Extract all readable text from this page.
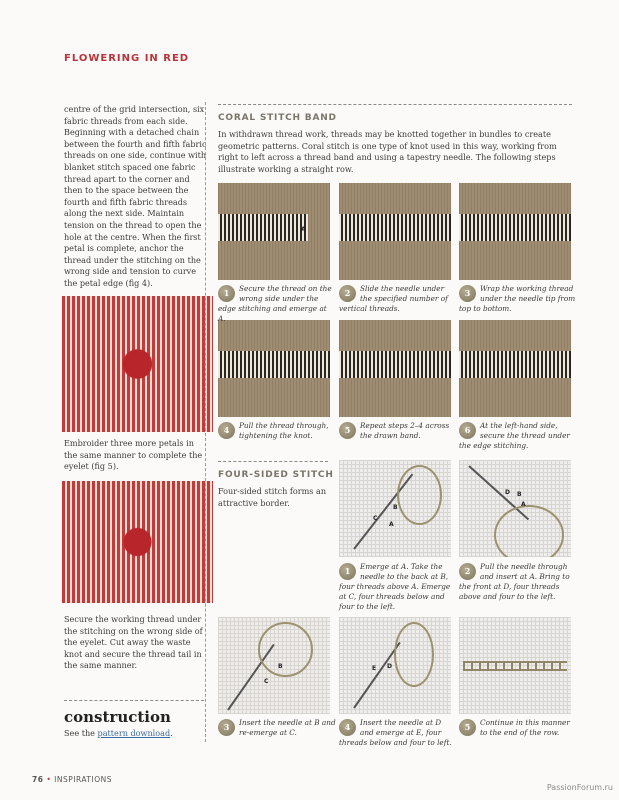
FLOWERING IN RED
centre of the grid intersection, six fabric threads from each side. Beginning with a detached chain between the fourth and fifth fabric threads on one side, continue with blanket stitch spaced one fabric thread apart to the corner and then to the space between the fourth and fifth fabric threads along the next side. Maintain tension on the thread to open the hole at the centre. When the first petal is complete, anchor the thread under the stitching on the wrong side and tension to curve the petal edge (fig 4).
Embroider three more petals in the same manner to complete the eyelet (fig 5).
Secure the working thread under the stitching on the wrong side of the eyelet. Cut away the waste knot and secure the thread tail in the same manner.
construction
See the pattern download.
CORAL STITCH BAND
In withdrawn thread work, threads may be knotted together in bundles to create geometric patterns. Coral stitch is one type of knot used in this way, working from right to left across a thread band and using a tapestry needle. The following steps illustrate working a straight row.
A
1	Secure the thread on the wrong side under the edge stitching and emerge at A.
2	Slide the needle under the specified number of vertical threads.
3	Wrap the working thread under the needle tip from top to bottom.
4	Pull the thread through, tightening the knot.
5	Repeat steps 2–4 across the drawn band.
6	At the left-hand side, secure the thread under the edge stitching.
FOUR-SIDED STITCH
Four-sided stitch forms an attractive border.	B
C
A
D B
A
B
C
D
E
1	Emerge at A. Take the needle to the back at B, four threads above A. Emerge at C, four threads below and four to the left.
2	Pull the needle through and insert at A. Bring to the front at D, four threads above and four to the left.
3	Insert the needle at B and re-emerge at C.
4	Insert the needle at D and emerge at E, four threads below and four to left.
5	Continue in this manner to the end of the row.
76 • INSPIRATIONS
PassionForum.ru
